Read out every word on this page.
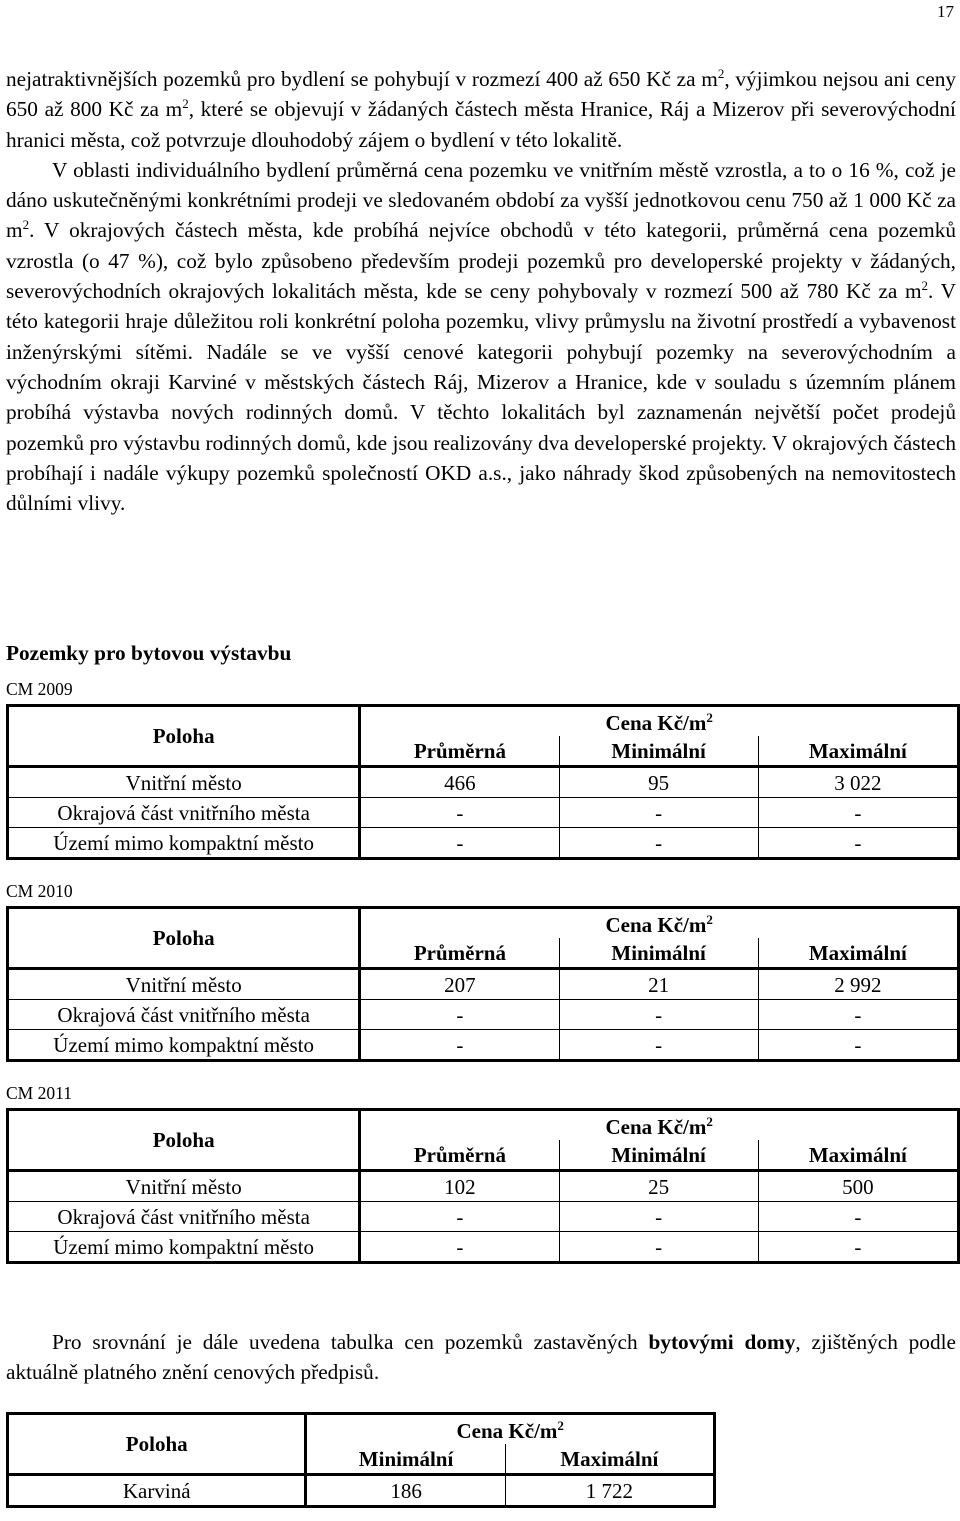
17

nejatraktivnějších pozemků pro bydlení se pohybují v rozmezí 400 až 650 Kč za $m^2$, výjimkou nejsou ani ceny 650 až 800 Kč za $m^2$, které se objevují v žádaných částech města Hranice, Ráj a Mizerov při severovýchodní hranici města, což potvrzuje dlouhodobý zájem o bydlení v této lokalitě.

V oblasti individuálního bydlení průměrná cena pozemku ve vnitřním městě vzrostla, a to o 16 %, což je dáno uskutečněnými konkrétními prodeji ve sledovaném období za vyšší jednotkovou cenu 750 až 1 000 Kč za $m^2$. V okrajových částech města, kde probíhá nejvíce obchodů v této kategorii, průměrná cena pozemků vzrostla (o 47 %), což bylo způsobeno především prodeji pozemků pro developerské projekty v žádaných, severovýchodních okrajových lokalitách města, kde se ceny pohybovaly v rozmezí 500 až 780 Kč za $m^2$. V této kategorii hraje důležitou roli konkrétní poloha pozemku, vlivy průmyslu na životní prostředí a vybavenost inženýrskými sítěmi. Nadále se ve vyšší cenové kategorii pohybují pozemky na severovýchodním a východním okraji Karviné v městských částech Ráj, Mizerov a Hranice, kde v souladu s územním plánem probíhá výstavba nových rodinných domů. V těchto lokalitách byl zaznamenán největší počet prodejů pozemků pro výstavbu rodinných domů, kde jsou realizovány dva developerské projekty. V okrajových částech probíhají i nadále výkupy pozemků společností OKD a.s., jako náhrady škod způsobených na nemovitostech důlními vlivy.

Pozemky pro bytovou výstavbu

CM 2009

Poloha	Cena $Kč/m^2$
	Průměrná	Minimální	Maximální
Vnitřní město	466	95	3 022
Okrajová část vnitřního města	-	-	-
Území mimo kompaktní město	-	-	-

CM 2010

Poloha	Cena $Kč/m^2$
	Průměrná	Minimální	Maximální
Vnitřní město	207	21	2 992
Okrajová část vnitřního města	-	-	-
Území mimo kompaktní město	-	-	-

CM 2011

Poloha	Cena $Kč/m^2$
	Průměrná	Minimální	Maximální
Vnitřní město	102	25	500
Okrajová část vnitřního města	-	-	-
Území mimo kompaktní město	-	-	-

Pro srovnání je dále uvedena tabulka cen pozemků zastavěných bytovými domy, zjištěných podle aktuálně platného znění cenových předpisů.

Poloha	Cena $Kč/m^2$
	Minimální	Maximální
Karviná	186	1 722
